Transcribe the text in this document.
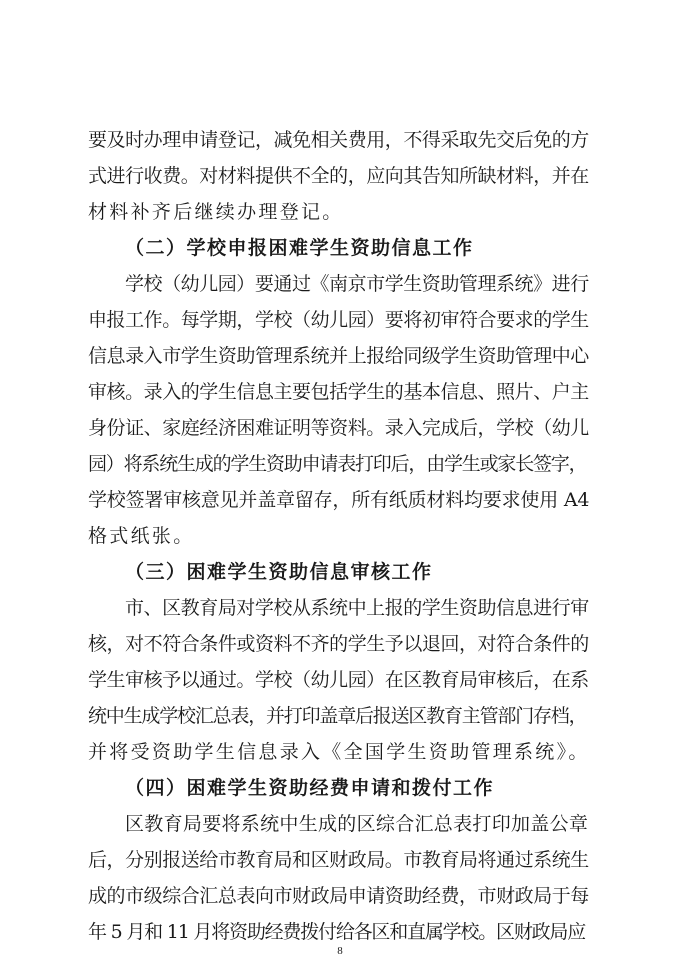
要及时办理申请登记，减免相关费用，不得采取先交后免的方
式进行收费。对材料提供不全的，应向其告知所缺材料，并在
材料补齐后继续办理登记。
（二）学校申报困难学生资助信息工作
学校（幼儿园）要通过《南京市学生资助管理系统》进行
申报工作。每学期，学校（幼儿园）要将初审符合要求的学生
信息录入市学生资助管理系统并上报给同级学生资助管理中心
审核。录入的学生信息主要包括学生的基本信息、照片、户主
身份证、家庭经济困难证明等资料。录入完成后，学校（幼儿
园）将系统生成的学生资助申请表打印后，由学生或家长签字，
学校签署审核意见并盖章留存，所有纸质材料均要求使用 A4
格式纸张。
（三）困难学生资助信息审核工作
市、区教育局对学校从系统中上报的学生资助信息进行审
核，对不符合条件或资料不齐的学生予以退回，对符合条件的
学生审核予以通过。学校（幼儿园）在区教育局审核后，在系
统中生成学校汇总表，并打印盖章后报送区教育主管部门存档，
并将受资助学生信息录入《全国学生资助管理系统》。
（四）困难学生资助经费申请和拨付工作
区教育局要将系统中生成的区综合汇总表打印加盖公章
后，分别报送给市教育局和区财政局。市教育局将通过系统生
成的市级综合汇总表向市财政局申请资助经费，市财政局于每
年 5 月和 11 月将资助经费拨付给各区和直属学校。区财政局应
8
